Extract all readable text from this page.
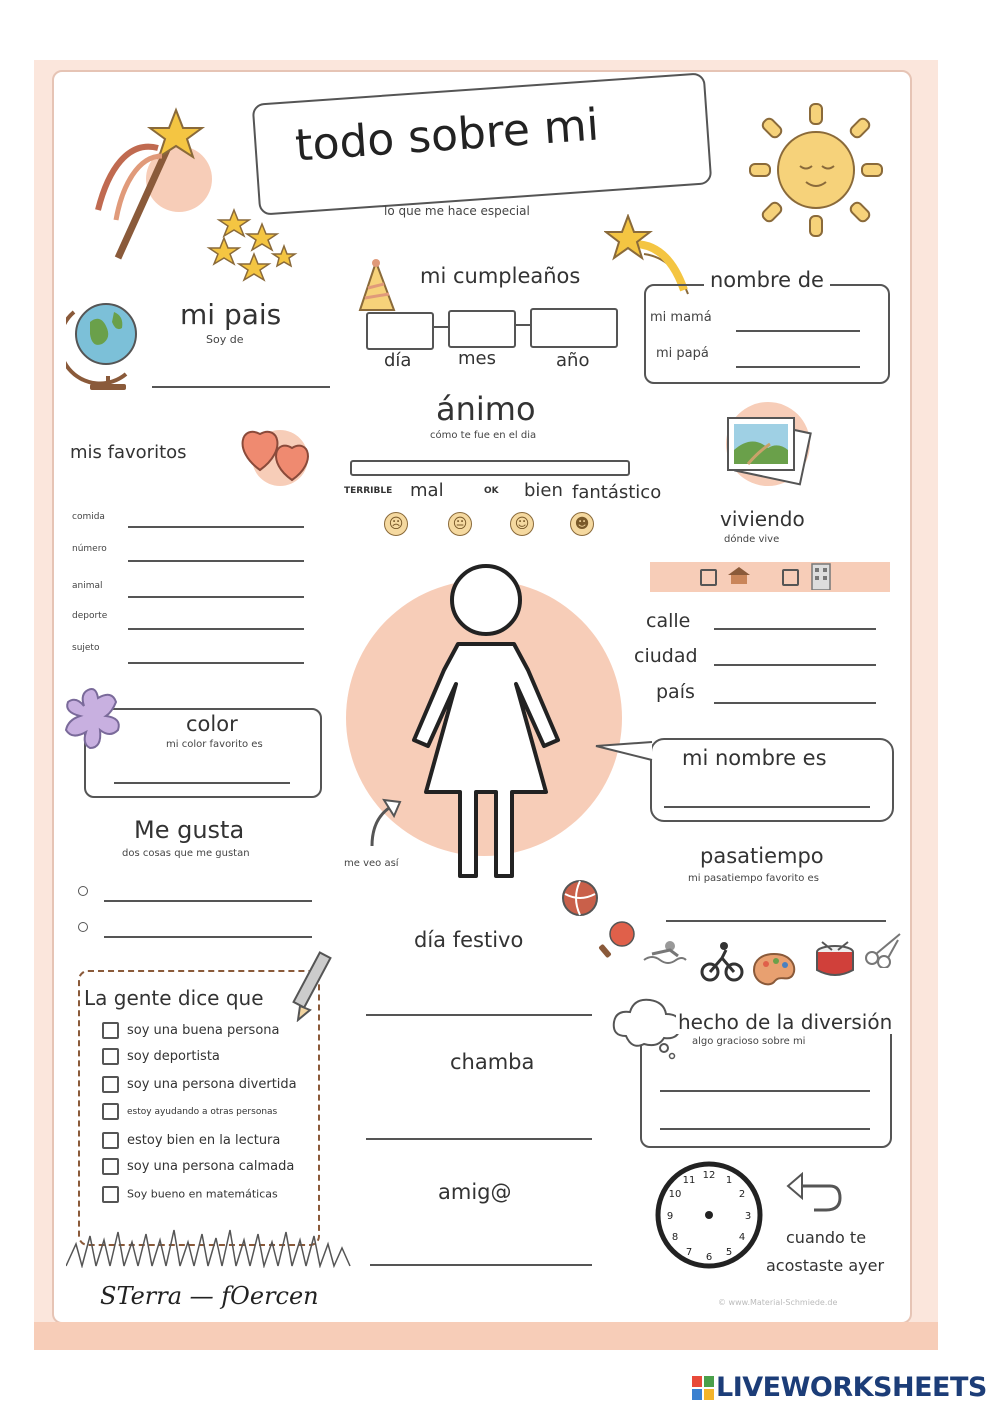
todo sobre mi
lo que me hace especial
mi pais
Soy de
mi cumpleaños
día	mes	año
nombre de
mi mamá
mi papá
ánimo
cómo te fue en el dia
TERRIBLE mal	OK bien fantástico
☹	😐	☺	☻
mis favoritos
comida
número
animal
deporte
sujeto
viviendo
dónde vive
calle
ciudad
país
me veo así
color
mi color favorito es
mi nombre es
Me gusta
dos cosas que me gustan	pasatiempo
mi pasatiempo favorito es
día festivo
La gente dice que
soy una buena persona
soy deportista
soy una persona divertida
estoy ayudando a otras personas
estoy bien en la lectura
soy una persona calmada
Soy bueno en matemáticas
chamba
amig@
hecho de la diversión
algo gracioso sobre mi
12 1
2
3
4
5
6
7
8
9
10
11
cuando te
acostaste ayer
STerra — fOercen	© www.Material-Schmiede.de
LIVEWORKSHEETS
